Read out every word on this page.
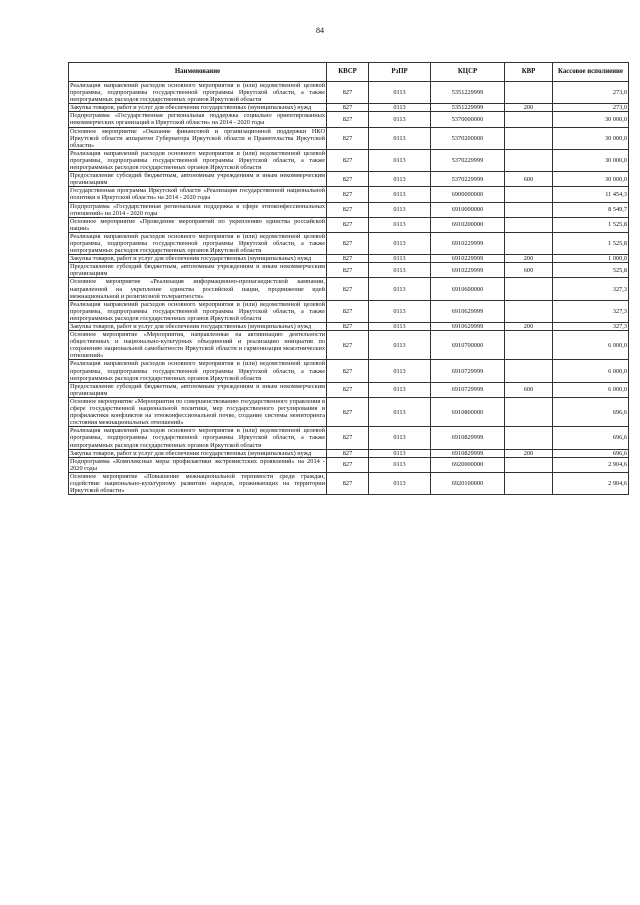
84
Наименование	КВСР	РзПР	КЦСР	КВР	Кассовое исполнение
Реализация направлений расходов основного мероприятия и (или) ведомственной целевой программы, подпрограммы государственной программы Иркутской области, а также непрограммных расходов государственных органов Иркутской области	827	0113	5351229999		273,0
Закупка товаров, работ и услуг для обеспечения государственных (муниципальных) нужд	827	0113	5351229999	200	273,0
Подпрограмма «Государственная региональная поддержка социально ориентированных некоммерческих организаций в Иркутской области» на 2014 - 2020 годы	827	0113	5370000000		30 000,0
Основное мероприятие «Оказание финансовой и организационной поддержки НКО Иркутской области аппаратом Губернатора Иркутской области и Правительства Иркутской области»	827	0113	5370200000		30 000,0
Реализация направлений расходов основного мероприятия и (или) ведомственной целевой программы, подпрограммы государственной программы Иркутской области, а также непрограммных расходов государственных органов Иркутской области	827	0113	5370229999		30 000,0
Предоставление субсидий бюджетным, автономным учреждениям и иным некоммерческим организациям	827	0113	5370229999	600	30 000,0
Государственная программа Иркутской области «Реализация государственной национальной политики в Иркутской области» на 2014 - 2020 годы	827	0113	6900000000		11 454,3
Подпрограмма «Государственная региональная поддержка в сфере этноконфессиональных отношений» на 2014 - 2020 годы	827	0113	6910000000		8 549,7
Основное мероприятие «Проведение мероприятий по укреплению единства российской нации»	827	0113	6910200000		1 525,8
Реализация направлений расходов основного мероприятия и (или) ведомственной целевой программы, подпрограммы государственной программы Иркутской области, а также непрограммных расходов государственных органов Иркутской области	827	0113	6910229999		1 525,8
Закупка товаров, работ и услуг для обеспечения государственных (муниципальных) нужд	827	0113	6910229999	200	1 000,0
Предоставление субсидий бюджетным, автономным учреждениям и иным некоммерческим организациям	827	0113	6910229999	600	525,8
Основное мероприятие «Реализация информационно-пропагандистской кампании, направленной на укрепление единства российской нации, продвижение идей межнациональной и религиозной толерантности»	827	0113	6910600000		327,3
Реализация направлений расходов основного мероприятия и (или) ведомственной целевой программы, подпрограммы государственной программы Иркутской области, а также непрограммных расходов государственных органов Иркутской области	827	0113	6910629999		327,3
Закупка товаров, работ и услуг для обеспечения государственных (муниципальных) нужд	827	0113	6910629999	200	327,3
Основное мероприятие «Мероприятия, направленные на активизацию деятельности общественных и национально-культурных объединений и реализацию инициатив по сохранению национальной самобытности Иркутской области и гармонизация межэтнических отношений»	827	0113	6910700000		6 000,0
Реализация направлений расходов основного мероприятия и (или) ведомственной целевой программы, подпрограммы государственной программы Иркутской области, а также непрограммных расходов государственных органов Иркутской области	827	0113	6910729999		6 000,0
Предоставление субсидий бюджетным, автономным учреждениям и иным некоммерческим организациям	827	0113	6910729999	600	6 000,0
Основное мероприятие «Мероприятия по совершенствованию государственного управления в сфере государственной национальной политики, мер государственного регулирования и профилактики конфликтов на этноконфессиональной почве, создание системы мониторинга состояния межнациональных отношений»	827	0113	6910800000		696,6
Реализация направлений расходов основного мероприятия и (или) ведомственной целевой программы, подпрограммы государственной программы Иркутской области, а также непрограммных расходов государственных органов Иркутской области	827	0113	6910829999		696,6
Закупка товаров, работ и услуг для обеспечения государственных (муниципальных) нужд	827	0113	6910829999	200	696,6
Подпрограмма «Комплексные меры профилактики экстремистских проявлений» на 2014 - 2020 годы	827	0113	6920000000		2 904,6
Основное мероприятие «Повышение межнациональной терпимости среди граждан, содействие национально-культурному развитию народов, проживающих на территории Иркутской области»	827	0113	6920100000		2 904,6
